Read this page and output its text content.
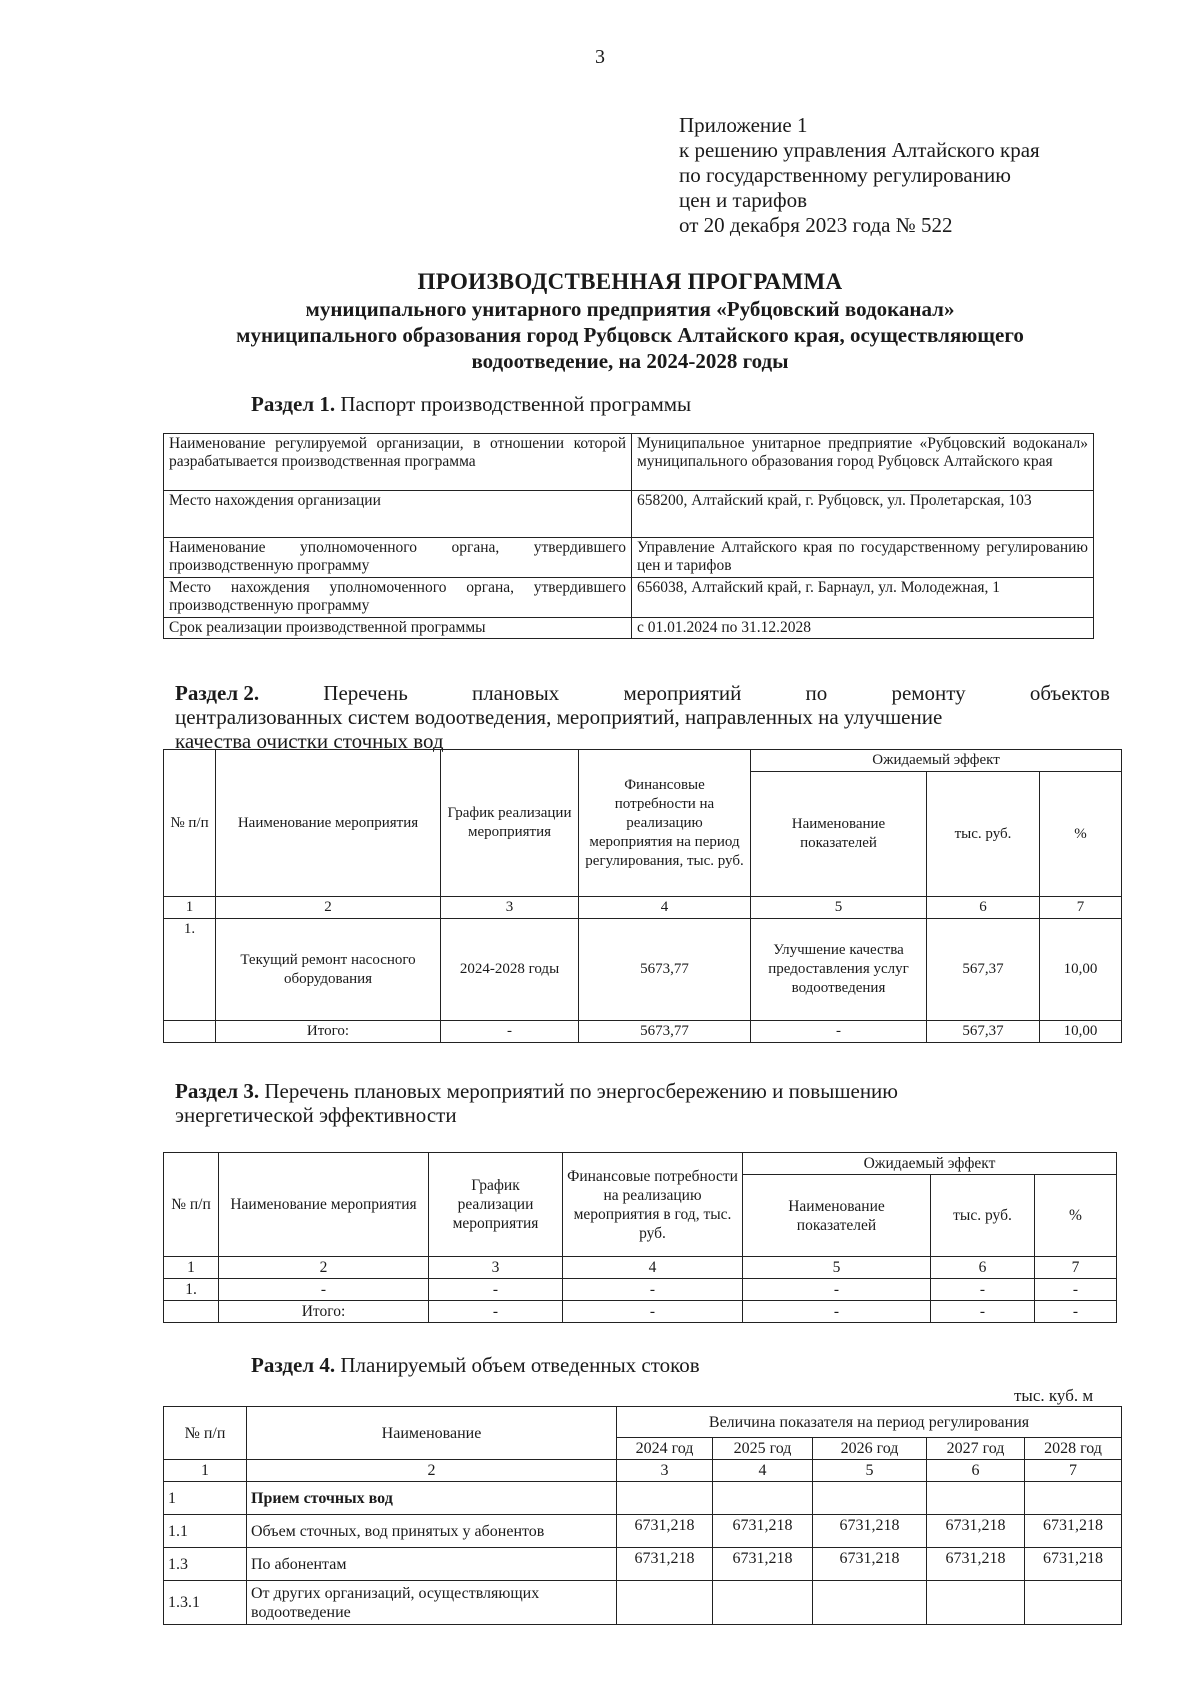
3
Приложение 1
к решению управления Алтайского края
по государственному регулированию
цен и тарифов
от 20 декабря 2023 года № 522
ПРОИЗВОДСТВЕННАЯ ПРОГРАММА
муниципального унитарного предприятия «Рубцовский водоканал»
муниципального образования город Рубцовск Алтайского края, осуществляющего
водоотведение, на 2024-2028 годы
Раздел 1. Паспорт производственной программы
Наименование регулируемой организации, в отношении которой разрабатывается производственная программа	Муниципальное унитарное предприятие «Рубцовский водоканал» муниципального образования город Рубцовск Алтайского края
Место нахождения организации	658200, Алтайский край, г. Рубцовск, ул. Пролетарская, 103
Наименование уполномоченного органа, утвердившего производственную программу	Управление Алтайского края по государственному регулированию цен и тарифов
Место нахождения уполномоченного органа, утвердившего производственную программу	656038, Алтайский край, г. Барнаул, ул. Молодежная, 1
Срок реализации производственной программы	с 01.01.2024 по 31.12.2028
Раздел 2.	Перечень	плановых	мероприятий	по	ремонту	объектов
централизованных систем водоотведения, мероприятий, направленных на улучшение
качества очистки сточных вод
№ п/п	Наименование мероприятия	График реализации мероприятия	Финансовые потребности на реализацию мероприятия на период регулирования, тыс. руб.	Ожидаемый эффект		
				Наименование показателей	тыс. руб.	%
1	2	3	4	5	6	7
1.	Текущий ремонт насосного оборудования	2024-2028 годы	5673,77	Улучшение качества предоставления услуг водоотведения	567,37	10,00
	Итого:	-	5673,77	-	567,37	10,00
Раздел 3. Перечень плановых мероприятий по энергосбережению и повышению
энергетической эффективности
№ п/п	Наименование мероприятия	График реализации мероприятия	Финансовые потребности на реализацию мероприятия в год, тыс. руб.	Ожидаемый эффект		
				Наименование показателей	тыс. руб.	%
1	2	3	4	5	6	7
1.	-	-	-	-	-	-
	Итого:	-	-	-	-	-
Раздел 4. Планируемый объем отведенных стоков
тыс. куб. м
№ п/п	Наименование	Величина показателя на период регулирования				
		2024 год	2025 год	2026 год	2027 год	2028 год
1	2	3	4	5	6	7
1	Прием сточных вод					
1.1	Объем сточных, вод принятых у абонентов	6731,218	6731,218	6731,218	6731,218	6731,218
1.3	По абонентам	6731,218	6731,218	6731,218	6731,218	6731,218
1.3.1	От других организаций, осуществляющих водоотведение					
